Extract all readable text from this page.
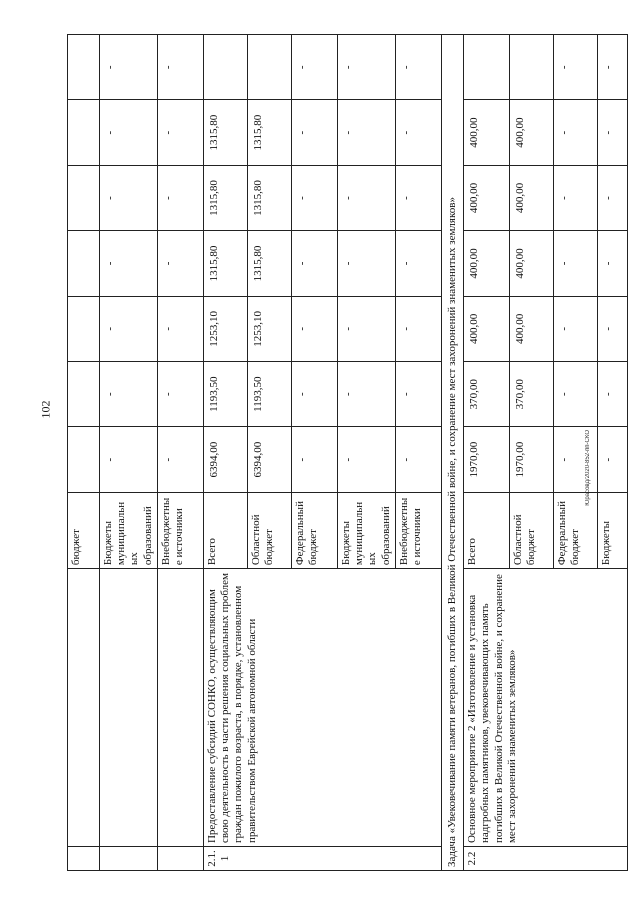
102
Юрасовд/2020-852-пп-СКО
		бюджет							
		Бюджеты муниципальных образований	-	-	-	-	-	-	-
		Внебюджетные источники	-	-	-	-	-	-	-
2.1.1	Предоставление субсидий СОНКО, осуществляющим свою деятельность в части решения социальных проблем граждан пожилого возраста, в порядке, установленном правительством Еврейской автономной области	Всего	6394,00	1193,50	1253,10	1315,80	1315,80	1315,80	
		Областной бюджет	6394,00	1193,50	1253,10	1315,80	1315,80	1315,80	
		Федеральный бюджет	-	-	-	-	-	-	-
		Бюджеты муниципальных образований	-	-	-	-	-	-	-
		Внебюджетные источники	-	-	-	-	-	-	-
Задача «Увековечивание памяти ветеранов, погибших в Великой Отечественной войне, и сохранение мест захоронений знаменитых земляков»									
2.2	Основное мероприятие 2 «Изготовление и установка надгробных памятников, увековечивающих память погибших в Великой Отечественной войне, и сохранение мест захоронений знаменитых земляков»	Всего	1970,00	370,00	400,00	400,00	400,00	400,00	
		Областной бюджет	1970,00	370,00	400,00	400,00	400,00	400,00	
		Федеральный бюджет	-	-	-	-	-	-	-
		Бюджеты	-	-	-	-	-	-	-
